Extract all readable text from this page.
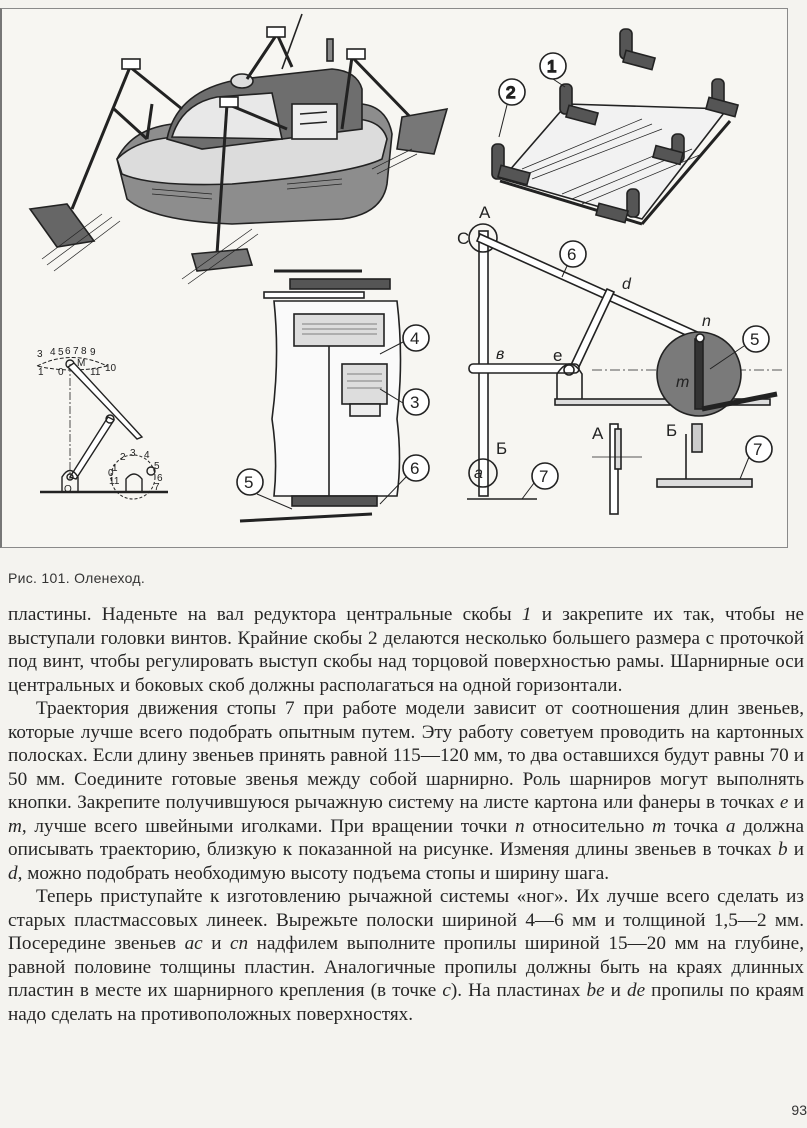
1
2
5
6
7
7
A
C
d
n
e
в
m
Б
a
A	Б
4
3
6
5
3 4 5 6 7 8 9
1 0	11 10
M
O
1
2 3 4
5
6
7
11
0
Рис. 101. Оленеход.

пластины. Наденьте на вал редуктора центральные скобы 1 и закрепите их так, чтобы не выступали головки винтов. Крайние скобы 2 делаются несколько большего размера с проточкой под винт, чтобы регулировать выступ скобы над торцовой поверхностью рамы. Шарнирные оси центральных и боковых скоб должны располагаться на одной горизонтали.

Траектория движения стопы 7 при работе модели зависит от соотношения длин звеньев, которые лучше всего подобрать опытным путем. Эту работу советуем проводить на картонных полосках. Если длину звеньев принять равной 115—120 мм, то два оставшихся будут равны 70 и 50 мм. Соедините готовые звенья между собой шарнирно. Роль шарниров могут выполнять кнопки. Закрепите получившуюся рычажную систему на листе картона или фанеры в точках e и m, лучше всего швейными иголками. При вращении точки n относительно m точка a должна описывать траекторию, близкую к показанной на рисунке. Изменяя длины звеньев в точках b и d, можно подобрать необходимую высоту подъема стопы и ширину шага.

Теперь приступайте к изготовлению рычажной системы «ног». Их лучше всего сделать из старых пластмассовых линеек. Вырежьте полоски шириной 4—6 мм и толщиной 1,5—2 мм. Посередине звеньев ac и cn надфилем выполните пропилы шириной 15—20 мм на глубине, равной половине толщины пластин. Аналогичные пропилы должны быть на краях длинных пластин в месте их шарнирного крепления (в точке c). На пластинах be и de пропилы по краям надо сделать на противоположных поверхностях.

93
